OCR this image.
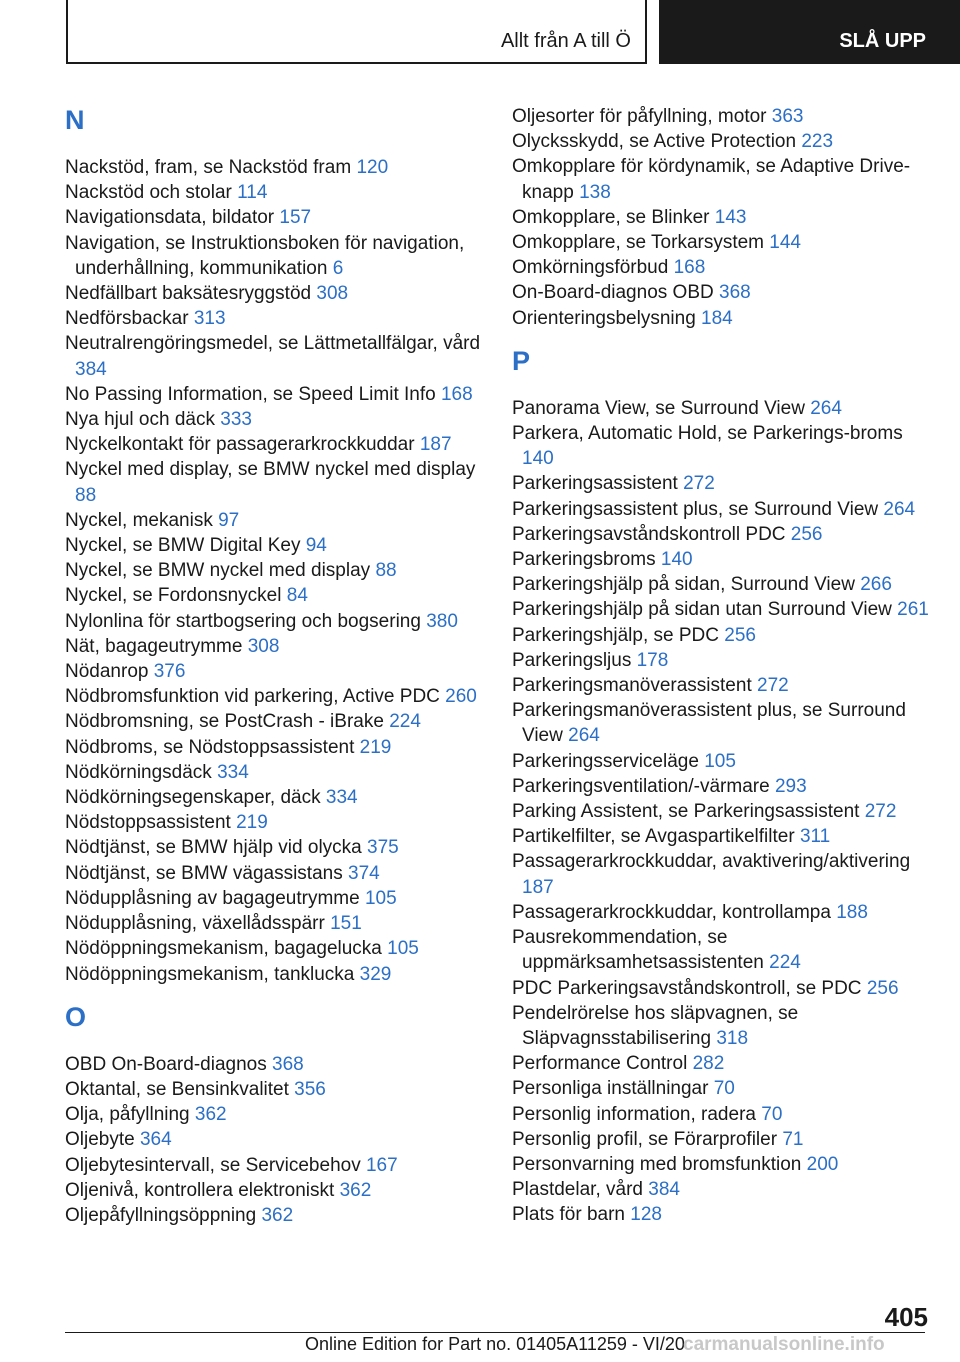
Allt från A till Ö	SLÅ UPP
N
Nackstöd, fram, se Nackstöd fram 120
Nackstöd och stolar 114
Navigationsdata, bildator 157
Navigation, se Instruktionsboken för navigation, underhållning, kommunikation 6
Nedfällbart baksätesryggstöd 308
Nedförsbackar 313
Neutralrengöringsmedel, se Lättmetallfälgar, vård 384
No Passing Information, se Speed Limit Info 168
Nya hjul och däck 333
Nyckelkontakt för passagerarkrockkuddar 187
Nyckel med display, se BMW nyckel med display 88
Nyckel, mekanisk 97
Nyckel, se BMW Digital Key 94
Nyckel, se BMW nyckel med display 88
Nyckel, se Fordonsnyckel 84
Nylonlina för startbogsering och bogsering 380
Nät, bagageutrymme 308
Nödanrop 376
Nödbromsfunktion vid parkering, Active PDC 260
Nödbromsning, se PostCrash - iBrake 224
Nödbroms, se Nödstoppsassistent 219
Nödkörningsdäck 334
Nödkörningsegenskaper, däck 334
Nödstoppsassistent 219
Nödtjänst, se BMW hjälp vid olycka 375
Nödtjänst, se BMW vägassistans 374
Nödupplåsning av bagageutrymme 105
Nödupplåsning, växellådsspärr 151
Nödöppningsmekanism, bagagelucka 105
Nödöppningsmekanism, tanklucka 329
O
OBD On-Board-diagnos 368
Oktantal, se Bensinkvalitet 356
Olja, påfyllning 362
Oljebyte 364
Oljebytesintervall, se Servicebehov 167
Oljenivå, kontrollera elektroniskt 362
Oljepåfyllningsöppning 362
Oljesorter för påfyllning, motor 363
Olycksskydd, se Active Protection 223
Omkopplare för kördynamik, se Adaptive Drive-knapp 138
Omkopplare, se Blinker 143
Omkopplare, se Torkarsystem 144
Omkörningsförbud 168
On-Board-diagnos OBD 368
Orienteringsbelysning 184
P
Panorama View, se Surround View 264
Parkera, Automatic Hold, se Parkerings-broms 140
Parkeringsassistent 272
Parkeringsassistent plus, se Surround View 264
Parkeringsavståndskontroll PDC 256
Parkeringsbroms 140
Parkeringshjälp på sidan, Surround View 266
Parkeringshjälp på sidan utan Surround View 261
Parkeringshjälp, se PDC 256
Parkeringsljus 178
Parkeringsmanöverassistent 272
Parkeringsmanöverassistent plus, se Surround View 264
Parkeringsserviceläge 105
Parkeringsventilation/-värmare 293
Parking Assistent, se Parkeringsassistent 272
Partikelfilter, se Avgaspartikelfilter 311
Passagerarkrockkuddar, avaktivering/aktivering 187
Passagerarkrockkuddar, kontrollampa 188
Pausrekommendation, se uppmärksamhetsassistenten 224
PDC Parkeringsavståndskontroll, se PDC 256
Pendelrörelse hos släpvagnen, se Släpvagnsstabilisering 318
Performance Control 282
Personliga inställningar 70
Personlig information, radera 70
Personlig profil, se Förarprofiler 71
Personvarning med bromsfunktion 200
Plastdelar, vård 384
Plats för barn 128
405
Online Edition for Part no. 01405A11259 - VI/20
carmanualsonline.info
